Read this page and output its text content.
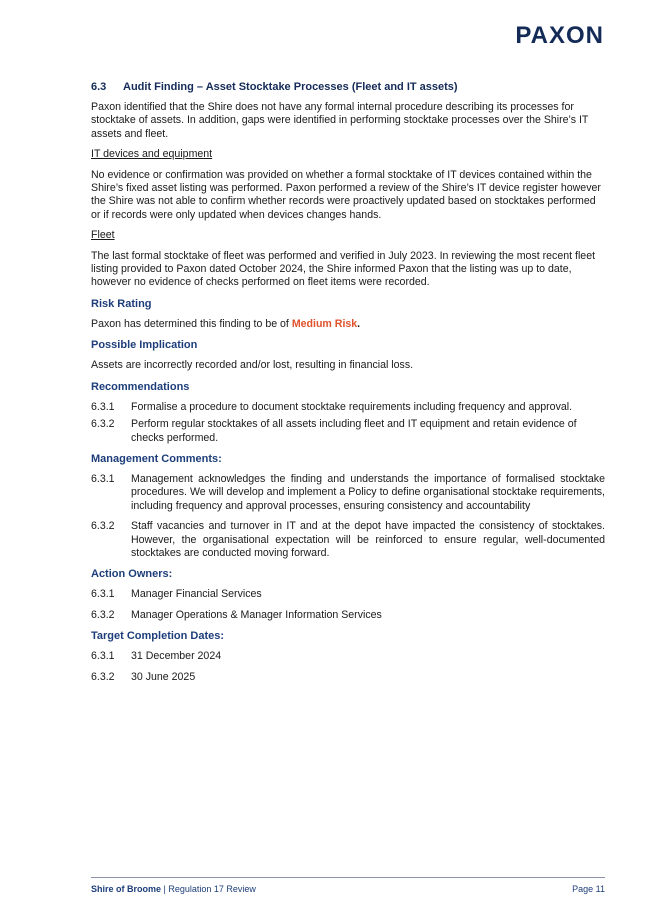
PAXON
6.3 Audit Finding – Asset Stocktake Processes (Fleet and IT assets)

Paxon identified that the Shire does not have any formal internal procedure describing its processes for stocktake of assets. In addition, gaps were identified in performing stocktake processes over the Shire’s IT assets and fleet.

IT devices and equipment

No evidence or confirmation was provided on whether a formal stocktake of IT devices contained within the Shire’s fixed asset listing was performed. Paxon performed a review of the Shire’s IT device register however the Shire was not able to confirm whether records were proactively updated based on stocktakes performed or if records were only updated when devices changes hands.

Fleet

The last formal stocktake of fleet was performed and verified in July 2023. In reviewing the most recent fleet listing provided to Paxon dated October 2024, the Shire informed Paxon that the listing was up to date, however no evidence of checks performed on fleet items were recorded.

Risk Rating

Paxon has determined this finding to be of Medium Risk.

Possible Implication

Assets are incorrectly recorded and/or lost, resulting in financial loss.

Recommendations
6.3.1	Formalise a procedure to document stocktake requirements including frequency and approval.
6.3.2	Perform regular stocktakes of all assets including fleet and IT equipment and retain evidence of checks performed.
Management Comments:
6.3.1	Management acknowledges the finding and understands the importance of formalised stocktake procedures. We will develop and implement a Policy to define organisational stocktake requirements, including frequency and approval processes, ensuring consistency and accountability
6.3.2	Staff vacancies and turnover in IT and at the depot have impacted the consistency of stocktakes. However, the organisational expectation will be reinforced to ensure regular, well-documented stocktakes are conducted moving forward.
Action Owners:
6.3.1	Manager Financial Services
6.3.2	Manager Operations & Manager Information Services
Target Completion Dates:
6.3.1	31 December 2024
6.3.2	30 June 2025
Shire of Broome | Regulation 17 Review	Page 11
